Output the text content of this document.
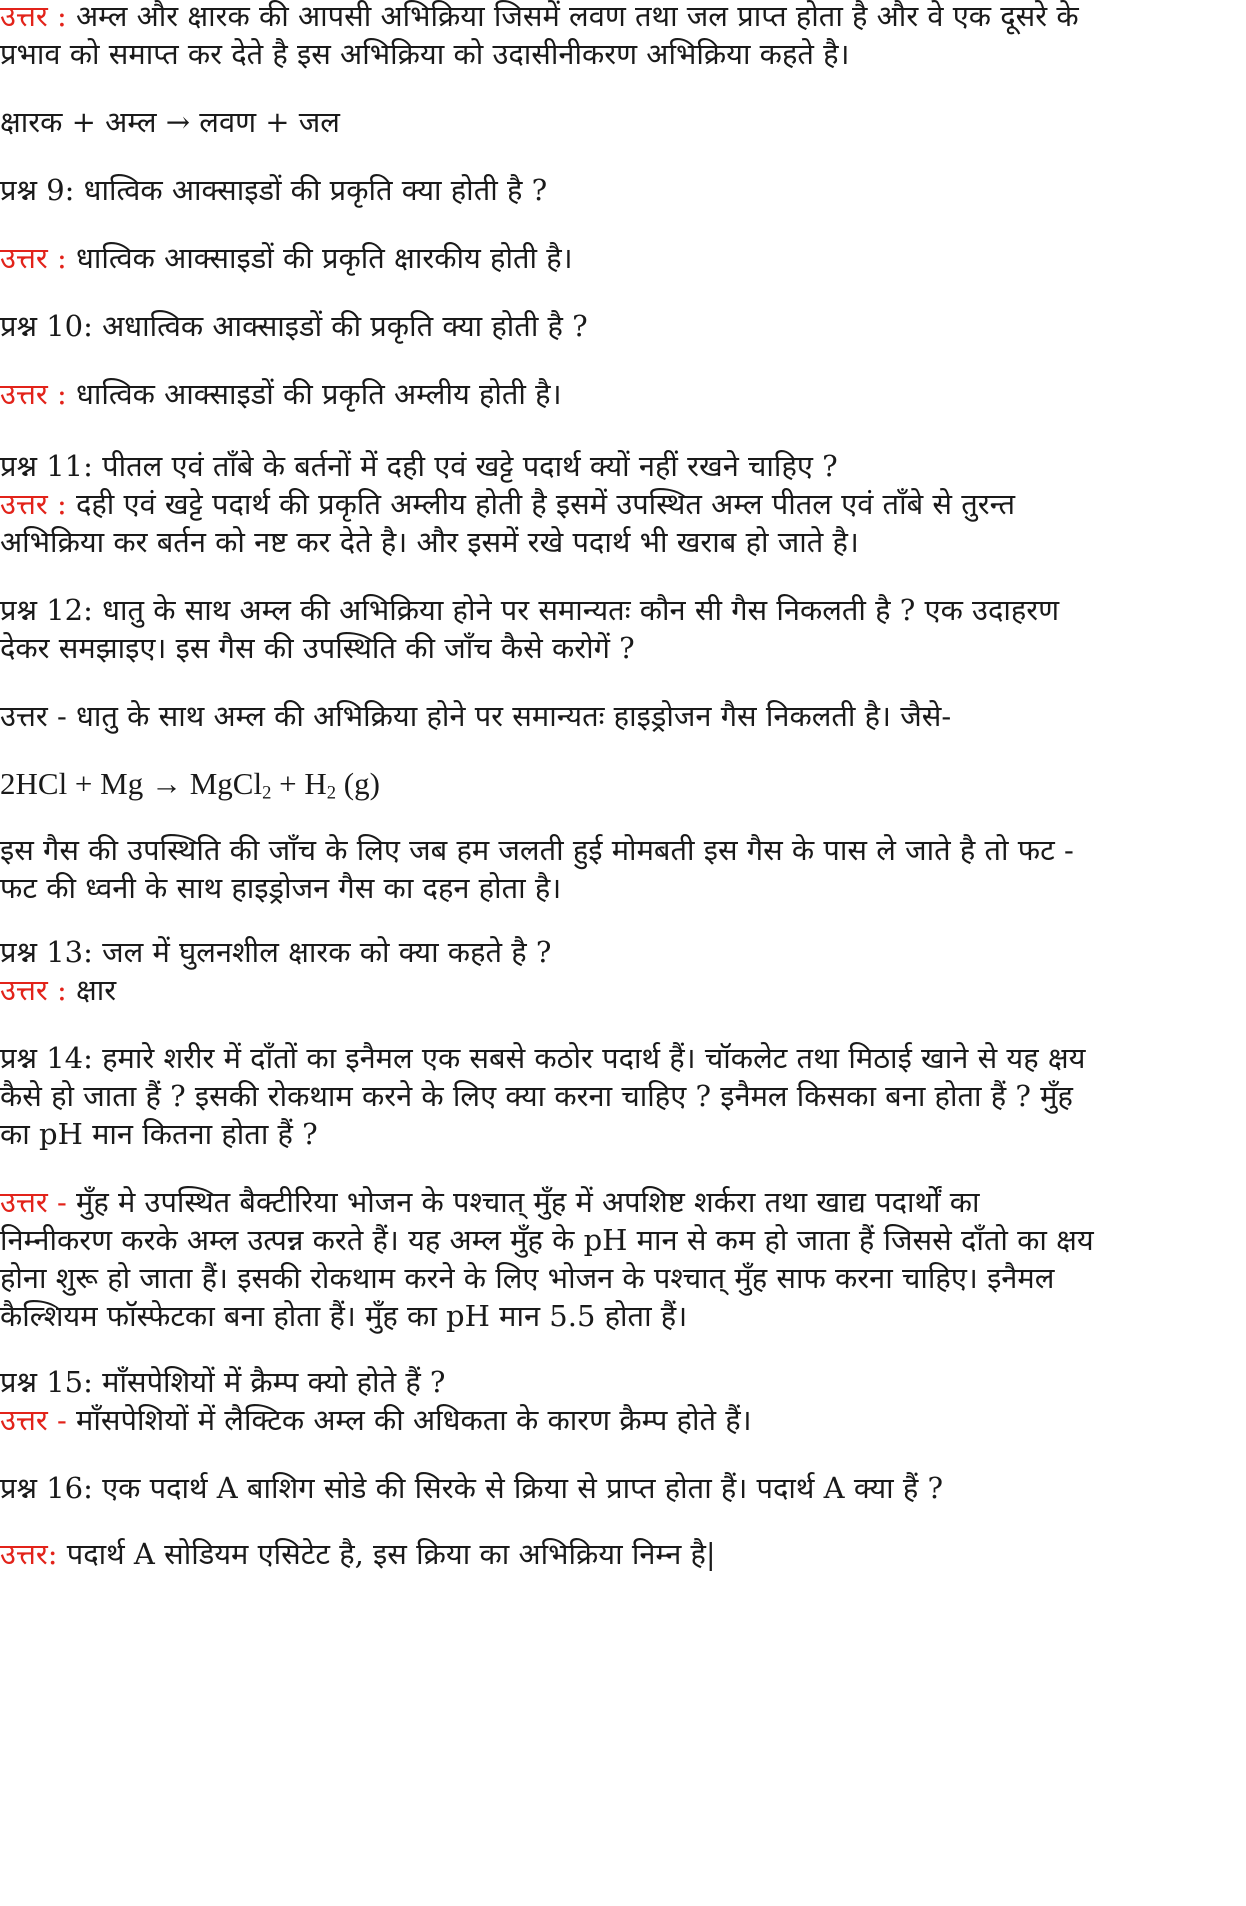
उत्तर : अम्ल और क्षारक की आपसी अभिक्रिया जिसमें लवण तथा जल प्राप्त होता है और वे एक दूसरे के
प्रभाव को समाप्त कर देते है इस अभिक्रिया को उदासीनीकरण अभिक्रिया कहते है।
क्षारक + अम्ल → लवण + जल
प्रश्न 9: धात्विक आक्साइडों की प्रकृति क्या होती है ?
उत्तर : धात्विक आक्साइडों की प्रकृति क्षारकीय होती है।
प्रश्न 10: अधात्विक आक्साइडों की प्रकृति क्या होती है ?
उत्तर : धात्विक आक्साइडों की प्रकृति अम्लीय होती है।
प्रश्न 11: पीतल एवं ताँबे के बर्तनों में दही एवं खट्टे पदार्थ क्यों नहीं रखने चाहिए ?
उत्तर : दही एवं खट्टे पदार्थ की प्रकृति अम्लीय होती है इसमें उपस्थित अम्ल पीतल एवं ताँबे से तुरन्त
अभिक्रिया कर बर्तन को नष्ट कर देते है। और इसमें रखे पदार्थ भी खराब हो जाते है।
प्रश्न 12: धातु के साथ अम्ल की अभिक्रिया होने पर समान्यतः कौन सी गैस निकलती है ? एक उदाहरण
देकर समझाइए। इस गैस की उपस्थिति की जाँच कैसे करोगें ?
उत्तर - धातु के साथ अम्ल की अभिक्रिया होने पर समान्यतः हाइड्रोजन गैस निकलती है। जैसे-
2HCl + Mg → MgCl$_2$ + $H_2$ (g)
इस गैस की उपस्थिति की जाँच के लिए जब हम जलती हुई मोमबती इस गैस के पास ले जाते है तो फट -
फट की ध्वनी के साथ हाइड्रोजन गैस का दहन होता है।
प्रश्न 13: जल में घुलनशील क्षारक को क्या कहते है ?
उत्तर : क्षार
प्रश्न 14: हमारे शरीर में दाँतों का इनैमल एक सबसे कठोर पदार्थ हैं। चॉकलेट तथा मिठाई खाने से यह क्षय
कैसे हो जाता हैं ? इसकी रोकथाम करने के लिए क्या करना चाहिए ? इनैमल किसका बना होता हैं ? मुँह
का pH मान कितना होता हैं ?
उत्तर - मुँह मे उपस्थित बैक्टीरिया भोजन के पश्चात् मुँह में अपशिष्ट शर्करा तथा खाद्य पदार्थों का
निम्नीकरण करके अम्ल उत्पन्न करते हैं। यह अम्ल मुँह के pH मान से कम हो जाता हैं जिससे दाँतो का क्षय
होना शुरू हो जाता हैं। इसकी रोकथाम करने के लिए भोजन के पश्चात् मुँह साफ करना चाहिए। इनैमल
कैल्शियम फॉस्फेटका बना होता हैं। मुँह का pH मान 5.5 होता हैं।
प्रश्न 15: माँसपेशियों में क्रैम्प क्यो होते हैं ?
उत्तर - माँसपेशियों में लैक्टिक अम्ल की अधिकता के कारण क्रैम्प होते हैं।
प्रश्न 16: एक पदार्थ A बाशिग सोडे की सिरके से क्रिया से प्राप्त होता हैं। पदार्थ A क्या हैं ?
उत्तर: पदार्थ A सोडियम एसिटेट है, इस क्रिया का अभिक्रिया निम्न है|
